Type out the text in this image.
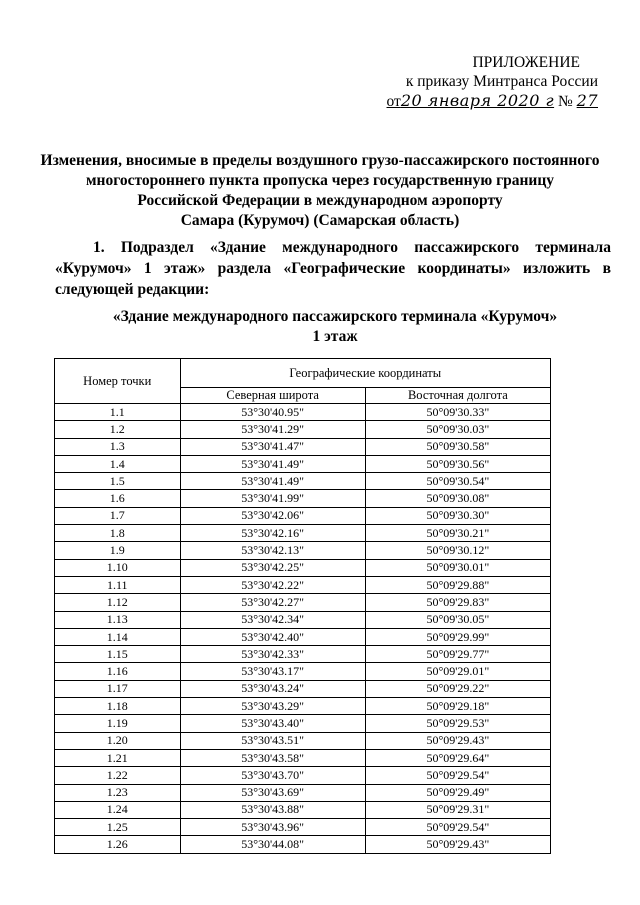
ПРИЛОЖЕНИЕ
к приказу Минтранса России
от20 января 2020 г № 27
Изменения, вносимые в пределы воздушного грузо-пассажирского постоянного
многостороннего пункта пропуска через государственную границу
Российской Федерации в международном аэропорту
Самара (Курумоч) (Самарская область)
1. Подраздел «Здание международного пассажирского терминала «Курумоч» 1 этаж» раздела «Географические координаты» изложить в следующей редакции:
«Здание международного пассажирского терминала «Курумоч»
1 этаж
Номер точки	Географические координаты	
	Северная широта	Восточная долгота
1.1	53°30'40.95"	50°09'30.33"
1.2	53°30'41.29"	50°09'30.03"
1.3	53°30'41.47"	50°09'30.58"
1.4	53°30'41.49"	50°09'30.56"
1.5	53°30'41.49"	50°09'30.54"
1.6	53°30'41.99"	50°09'30.08"
1.7	53°30'42.06"	50°09'30.30"
1.8	53°30'42.16"	50°09'30.21"
1.9	53°30'42.13"	50°09'30.12"
1.10	53°30'42.25"	50°09'30.01"
1.11	53°30'42.22"	50°09'29.88"
1.12	53°30'42.27"	50°09'29.83"
1.13	53°30'42.34"	50°09'30.05"
1.14	53°30'42.40"	50°09'29.99"
1.15	53°30'42.33"	50°09'29.77"
1.16	53°30'43.17"	50°09'29.01"
1.17	53°30'43.24"	50°09'29.22"
1.18	53°30'43.29"	50°09'29.18"
1.19	53°30'43.40"	50°09'29.53"
1.20	53°30'43.51"	50°09'29.43"
1.21	53°30'43.58"	50°09'29.64"
1.22	53°30'43.70"	50°09'29.54"
1.23	53°30'43.69"	50°09'29.49"
1.24	53°30'43.88"	50°09'29.31"
1.25	53°30'43.96"	50°09'29.54"
1.26	53°30'44.08"	50°09'29.43"
